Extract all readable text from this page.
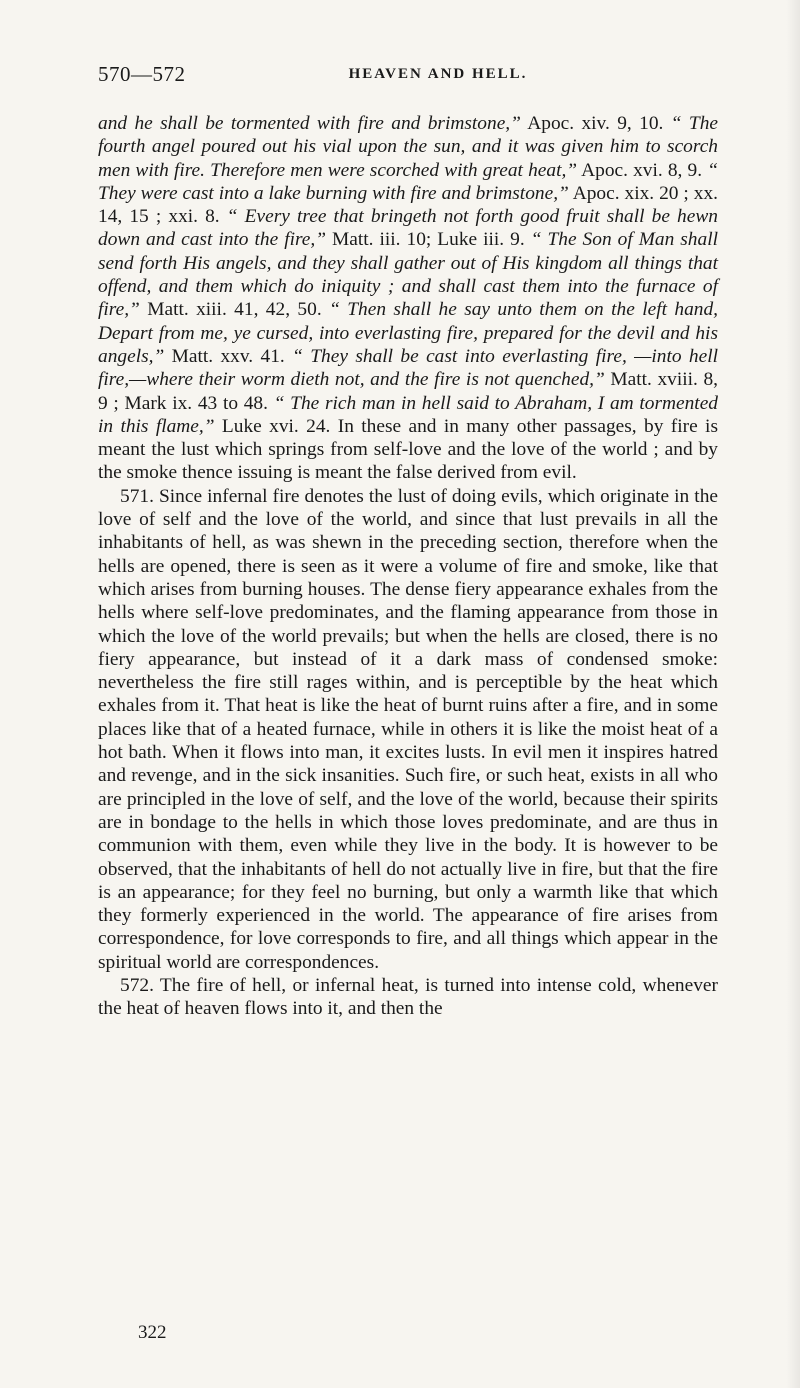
570—572	HEAVEN AND HELL.

and he shall be tormented with fire and brimstone,” Apoc. xiv. 9, 10. “ The fourth angel poured out his vial upon the sun, and it was given him to scorch men with fire. Therefore men were scorched with great heat,” Apoc. xvi. 8, 9. “ They were cast into a lake burning with fire and brimstone,” Apoc. xix. 20 ; xx. 14, 15 ; xxi. 8. “ Every tree that bringeth not forth good fruit shall be hewn down and cast into the fire,” Matt. iii. 10; Luke iii. 9. “ The Son of Man shall send forth His angels, and they shall gather out of His kingdom all things that offend, and them which do iniquity ; and shall cast them into the furnace of fire,” Matt. xiii. 41, 42, 50. “ Then shall he say unto them on the left hand, Depart from me, ye cursed, into everlasting fire, prepared for the devil and his angels,” Matt. xxv. 41. “ They shall be cast into everlasting fire, —into hell fire,—where their worm dieth not, and the fire is not quenched,” Matt. xviii. 8, 9 ; Mark ix. 43 to 48. “ The rich man in hell said to Abraham, I am tormented in this flame,” Luke xvi. 24. In these and in many other passages, by fire is meant the lust which springs from self-love and the love of the world ; and by the smoke thence issuing is meant the false derived from evil.

571. Since infernal fire denotes the lust of doing evils, which originate in the love of self and the love of the world, and since that lust prevails in all the inhabitants of hell, as was shewn in the preceding section, therefore when the hells are opened, there is seen as it were a volume of fire and smoke, like that which arises from burning houses. The dense fiery appearance exhales from the hells where self-love predominates, and the flaming appearance from those in which the love of the world prevails; but when the hells are closed, there is no fiery appearance, but instead of it a dark mass of condensed smoke: nevertheless the fire still rages within, and is perceptible by the heat which exhales from it. That heat is like the heat of burnt ruins after a fire, and in some places like that of a heated furnace, while in others it is like the moist heat of a hot bath. When it flows into man, it excites lusts. In evil men it inspires hatred and revenge, and in the sick insanities. Such fire, or such heat, exists in all who are principled in the love of self, and the love of the world, because their spirits are in bondage to the hells in which those loves predominate, and are thus in communion with them, even while they live in the body. It is however to be observed, that the inhabitants of hell do not actually live in fire, but that the fire is an appearance; for they feel no burning, but only a warmth like that which they formerly experienced in the world. The appearance of fire arises from correspondence, for love corresponds to fire, and all things which appear in the spiritual world are correspondences.

572. The fire of hell, or infernal heat, is turned into intense cold, whenever the heat of heaven flows into it, and then the

322
